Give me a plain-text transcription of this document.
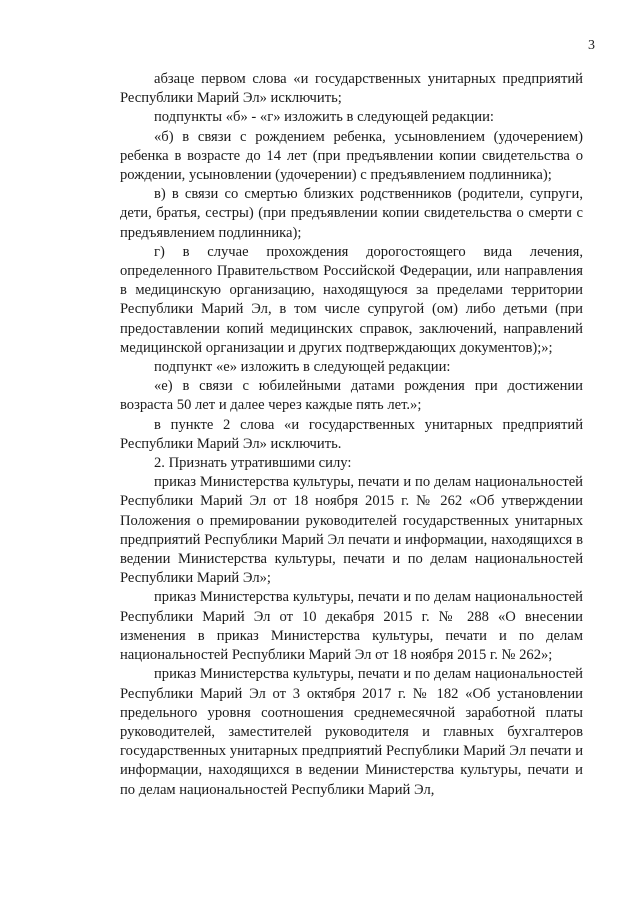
3

абзаце первом слова «и государственных унитарных предприятий Республики Марий Эл» исключить;

подпункты «б» - «г» изложить в следующей редакции:

«б) в связи с рождением ребенка, усыновлением (удочерением) ребенка в возрасте до 14 лет (при предъявлении копии свидетельства о рождении, усыновлении (удочерении) с предъявлением подлинника);

в) в связи со смертью близких родственников (родители, супруги, дети, братья, сестры) (при предъявлении копии свидетельства о смерти с предъявлением подлинника);

г) в случае прохождения дорогостоящего вида лечения, определенного Правительством Российской Федерации, или направления в медицинскую организацию, находящуюся за пределами территории Республики Марий Эл, в том числе супругой (ом) либо детьми (при предоставлении копий медицинских справок, заключений, направлений медицинской организации и других подтверждающих документов);»;

подпункт «е» изложить в следующей редакции:

«е) в связи с юбилейными датами рождения при достижении возраста 50 лет и далее через каждые пять лет.»;

в пункте 2 слова «и государственных унитарных предприятий Республики Марий Эл» исключить.

2. Признать утратившими силу:

приказ Министерства культуры, печати и по делам национальностей Республики Марий Эл от 18 ноября 2015 г. № 262 «Об утверждении Положения о премировании руководителей государственных унитарных предприятий Республики Марий Эл печати и информации, находящихся в ведении Министерства культуры, печати и по делам национальностей Республики Марий Эл»;

приказ Министерства культуры, печати и по делам национальностей Республики Марий Эл от 10 декабря 2015 г. № 288 «О внесении изменения в приказ Министерства культуры, печати и по делам национальностей Республики Марий Эл от 18 ноября 2015 г. № 262»;

приказ Министерства культуры, печати и по делам национальностей Республики Марий Эл от 3 октября 2017 г. № 182 «Об установлении предельного уровня соотношения среднемесячной заработной платы руководителей, заместителей руководителя и главных бухгалтеров государственных унитарных предприятий Республики Марий Эл печати и информации, находящихся в ведении Министерства культуры, печати и по делам национальностей Республики Марий Эл,
